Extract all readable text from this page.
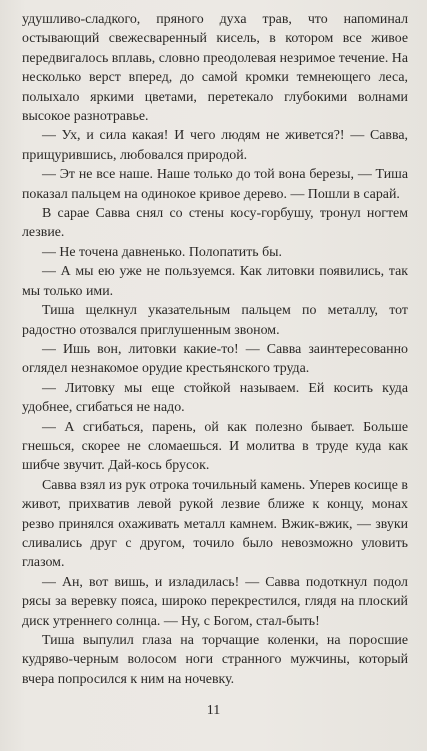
удушливо-сладкого, пряного духа трав, что напоминал остывающий свежесваренный кисель, в котором все живое передвигалось вплавь, словно преодолевая незримое течение. На несколько верст вперед, до самой кромки темнеющего леса, полыхало яркими цветами, перетекало глубокими волнами высокое разнотравье.

— Ух, и сила какая! И чего людям не живется?! — Савва, прищурившись, любовался природой.

— Эт не все наше. Наше только до той вона березы, — Тиша показал пальцем на одинокое кривое дерево. — Пошли в сарай.

В сарае Савва снял со стены косу-горбушу, тронул ногтем лезвие.

— Не точена давненько. Полопатить бы.

— А мы ею уже не пользуемся. Как литовки появились, так мы только ими.

Тиша щелкнул указательным пальцем по металлу, тот радостно отозвался приглушенным звоном.

— Ишь вон, литовки какие-то! — Савва заинтересованно оглядел незнакомое орудие крестьянского труда.

— Литовку мы еще стойкой называем. Ей косить куда удобнее, сгибаться не надо.

— А сгибаться, парень, ой как полезно бывает. Больше гнешься, скорее не сломаешься. И молитва в труде куда как шибче звучит. Дай-кось брусок.

Савва взял из рук отрока точильный камень. Уперев косище в живот, прихватив левой рукой лезвие ближе к концу, монах резво принялся охаживать металл камнем. Вжик-вжик, — звуки сливались друг с другом, точило было невозможно уловить глазом.

— Ан, вот вишь, и изладилась! — Савва подоткнул подол рясы за веревку пояса, широко перекрестился, глядя на плоский диск утреннего солнца. — Ну, с Богом, стал-быть!

Тиша выпулил глаза на торчащие коленки, на поросшие кудряво-черным волосом ноги странного мужчины, который вчера попросился к ним на ночевку.

11
